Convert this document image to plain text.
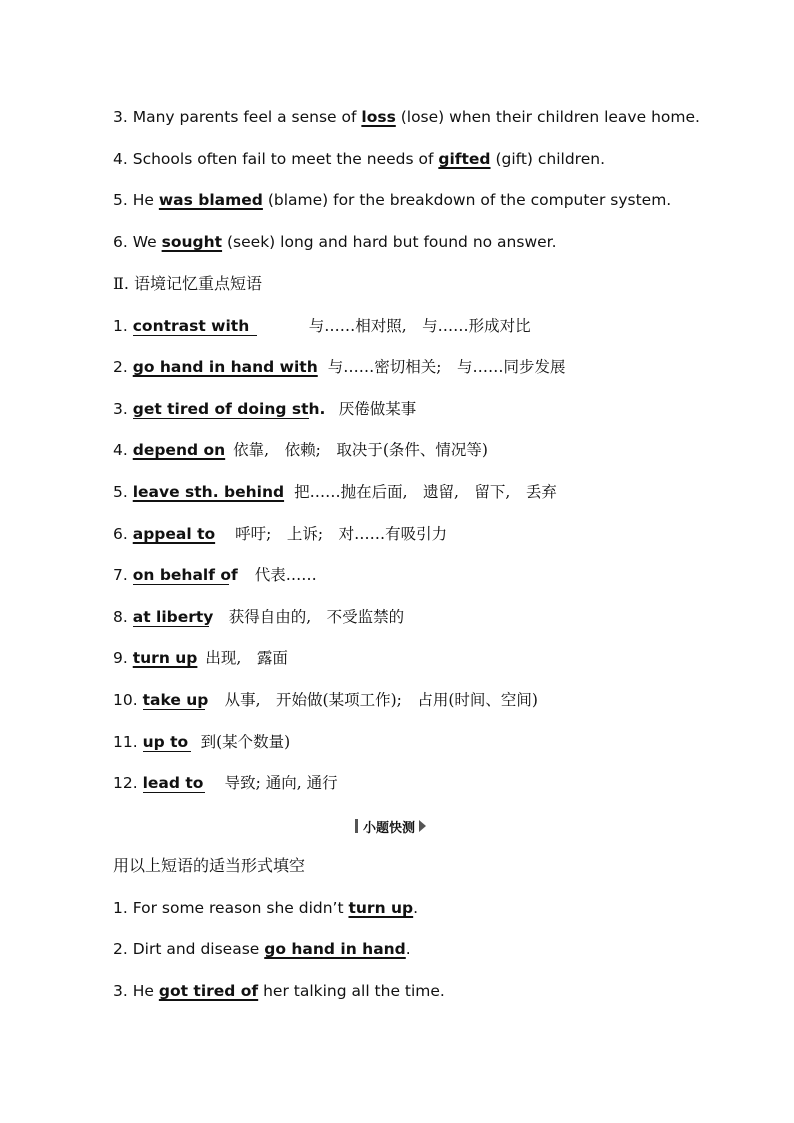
3. Many parents feel a sense of loss (lose) when their children leave home.
4. Schools often fail to meet the needs of gifted (gift) children.
5. He was blamed (blame) for the breakdown of the computer system.
6. We sought (seek) long and hard but found no answer.
Ⅱ. 语境记忆重点短语
1. contrast with	与……相对照,　与……形成对比
2. go hand in hand with 与……密切相关;　与……同步发展
3. get tired of doing sth. 厌倦做某事
4. depend on 依靠,　依赖;　取决于(条件、情况等)
5. leave sth. behind 把……抛在后面,　遗留,　留下,　丢弃
6. appeal to 呼吁;　上诉;　对……有吸引力
7. on behalf of 代表……
8. at liberty 获得自由的,　不受监禁的
9. turn up 出现,　露面
10. take up 从事,　开始做(某项工作);　占用(时间、空间)
11. up to 到(某个数量)
12. lead to 导致; 通向, 通行
小题快测
用以上短语的适当形式填空
1. For some reason she didn’t turn up.
2. Dirt and disease go hand in hand.
3. He got tired of her talking all the time.
